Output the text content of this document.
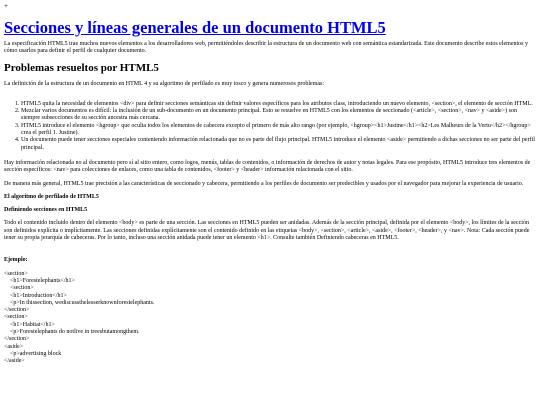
+
Secciones y líneas generales de un documento HTML5

La especificación HTML5 trae muchos nuevos elementos a los desarrolladores web, permitiéndoles describir la estructura de un documento web con semántica estandarizada. Este documento describe estos elementos y cómo usarlos para definir el perfil de cualquier documento.

Problemas resueltos por HTML5

La definición de la estructura de un documento en HTML 4 y su algoritmo de perfilado es muy tosco y genera numerosos problemas:

1. HTML5 quita la necesidad de elementos <div> para definir secciones semánticas sin definir valores específicos para los atributos class, introduciendo un nuevo elemento, <section>, el elemento de sección HTML.
2. Mezclar varios documentos es difícil: la inclusión de un sub-documento en un documento principal. Esto se resuelve en HTML5 con los elementos de seccionado (<article>, <section>, <nav> y <aside>) son siempre subsecciones de su sección ancestra más cercana.
3. HTML5 introduce el elemento <hgroup> que oculta todos los elementos de cabecera excepto el primero de más alto rango (por ejemplo, <hgroup><h1>Justine</h1><h2>Les Malheurs de la Vertu</h2></hgroup> crea el perfil 1. Justine).
4. Un documento puede tener secciones especiales conteniendo información relacionada que no es parte del flujo principal. HTML5 introduce el elemento <aside> permitiendo a dichas secciones no ser parte del perfil principal.

Hay información relacionada no al documento pero sí al sitio entero, como logos, menús, tablas de contenidos, o información de derechos de autor y notas legales. Para ese propósito, HTML5 introduce tres elementos de sección específicos: <nav> para colecciones de enlaces, como una tabla de contenidos, <footer> y <header> información relacionada con el sitio.

De manera más general, HTML5 trae precisión a las características de seccionado y cabecera, permitiendo a los perfiles de documento ser predecibles y usados por el navegador para mejorar la experiencia de usuario.

El algoritmo de perfilado de HTML5
Definiendo secciones en HTML5

Todo el contenido incluido dentro del elemento <body> es parte de una sección. Las secciones en HTML5 pueden ser anidadas. Además de la sección principal, definida por el elemento <body>, los límites de la sección son definidos explícita o implícitamente. Las secciones definidas explícitamente son el contenido definido en las etiquetas <body>, <section>, <article>, <aside>, <footer>, <header>, y <nav>. Nota: Cada sección puede tener su propia jerarquía de cabeceras. Por lo tanto, incluso una sección anidada puede tener un elemento <h1>. Consulte también Definiendo cabeceras en HTML5.

Ejemplo:
<section>
<h1>Forestelephants</h1>
<section>
<h1>Introduction</h1>
<p>In thissection, wediscussthelesserknownforestelephants.
</section>
<section>
<h1>Habitat</h1>
<p>Forestelephants do notlive in treesbutamongthem.
</section>
<aside>
<p>advertising block
</aside>
